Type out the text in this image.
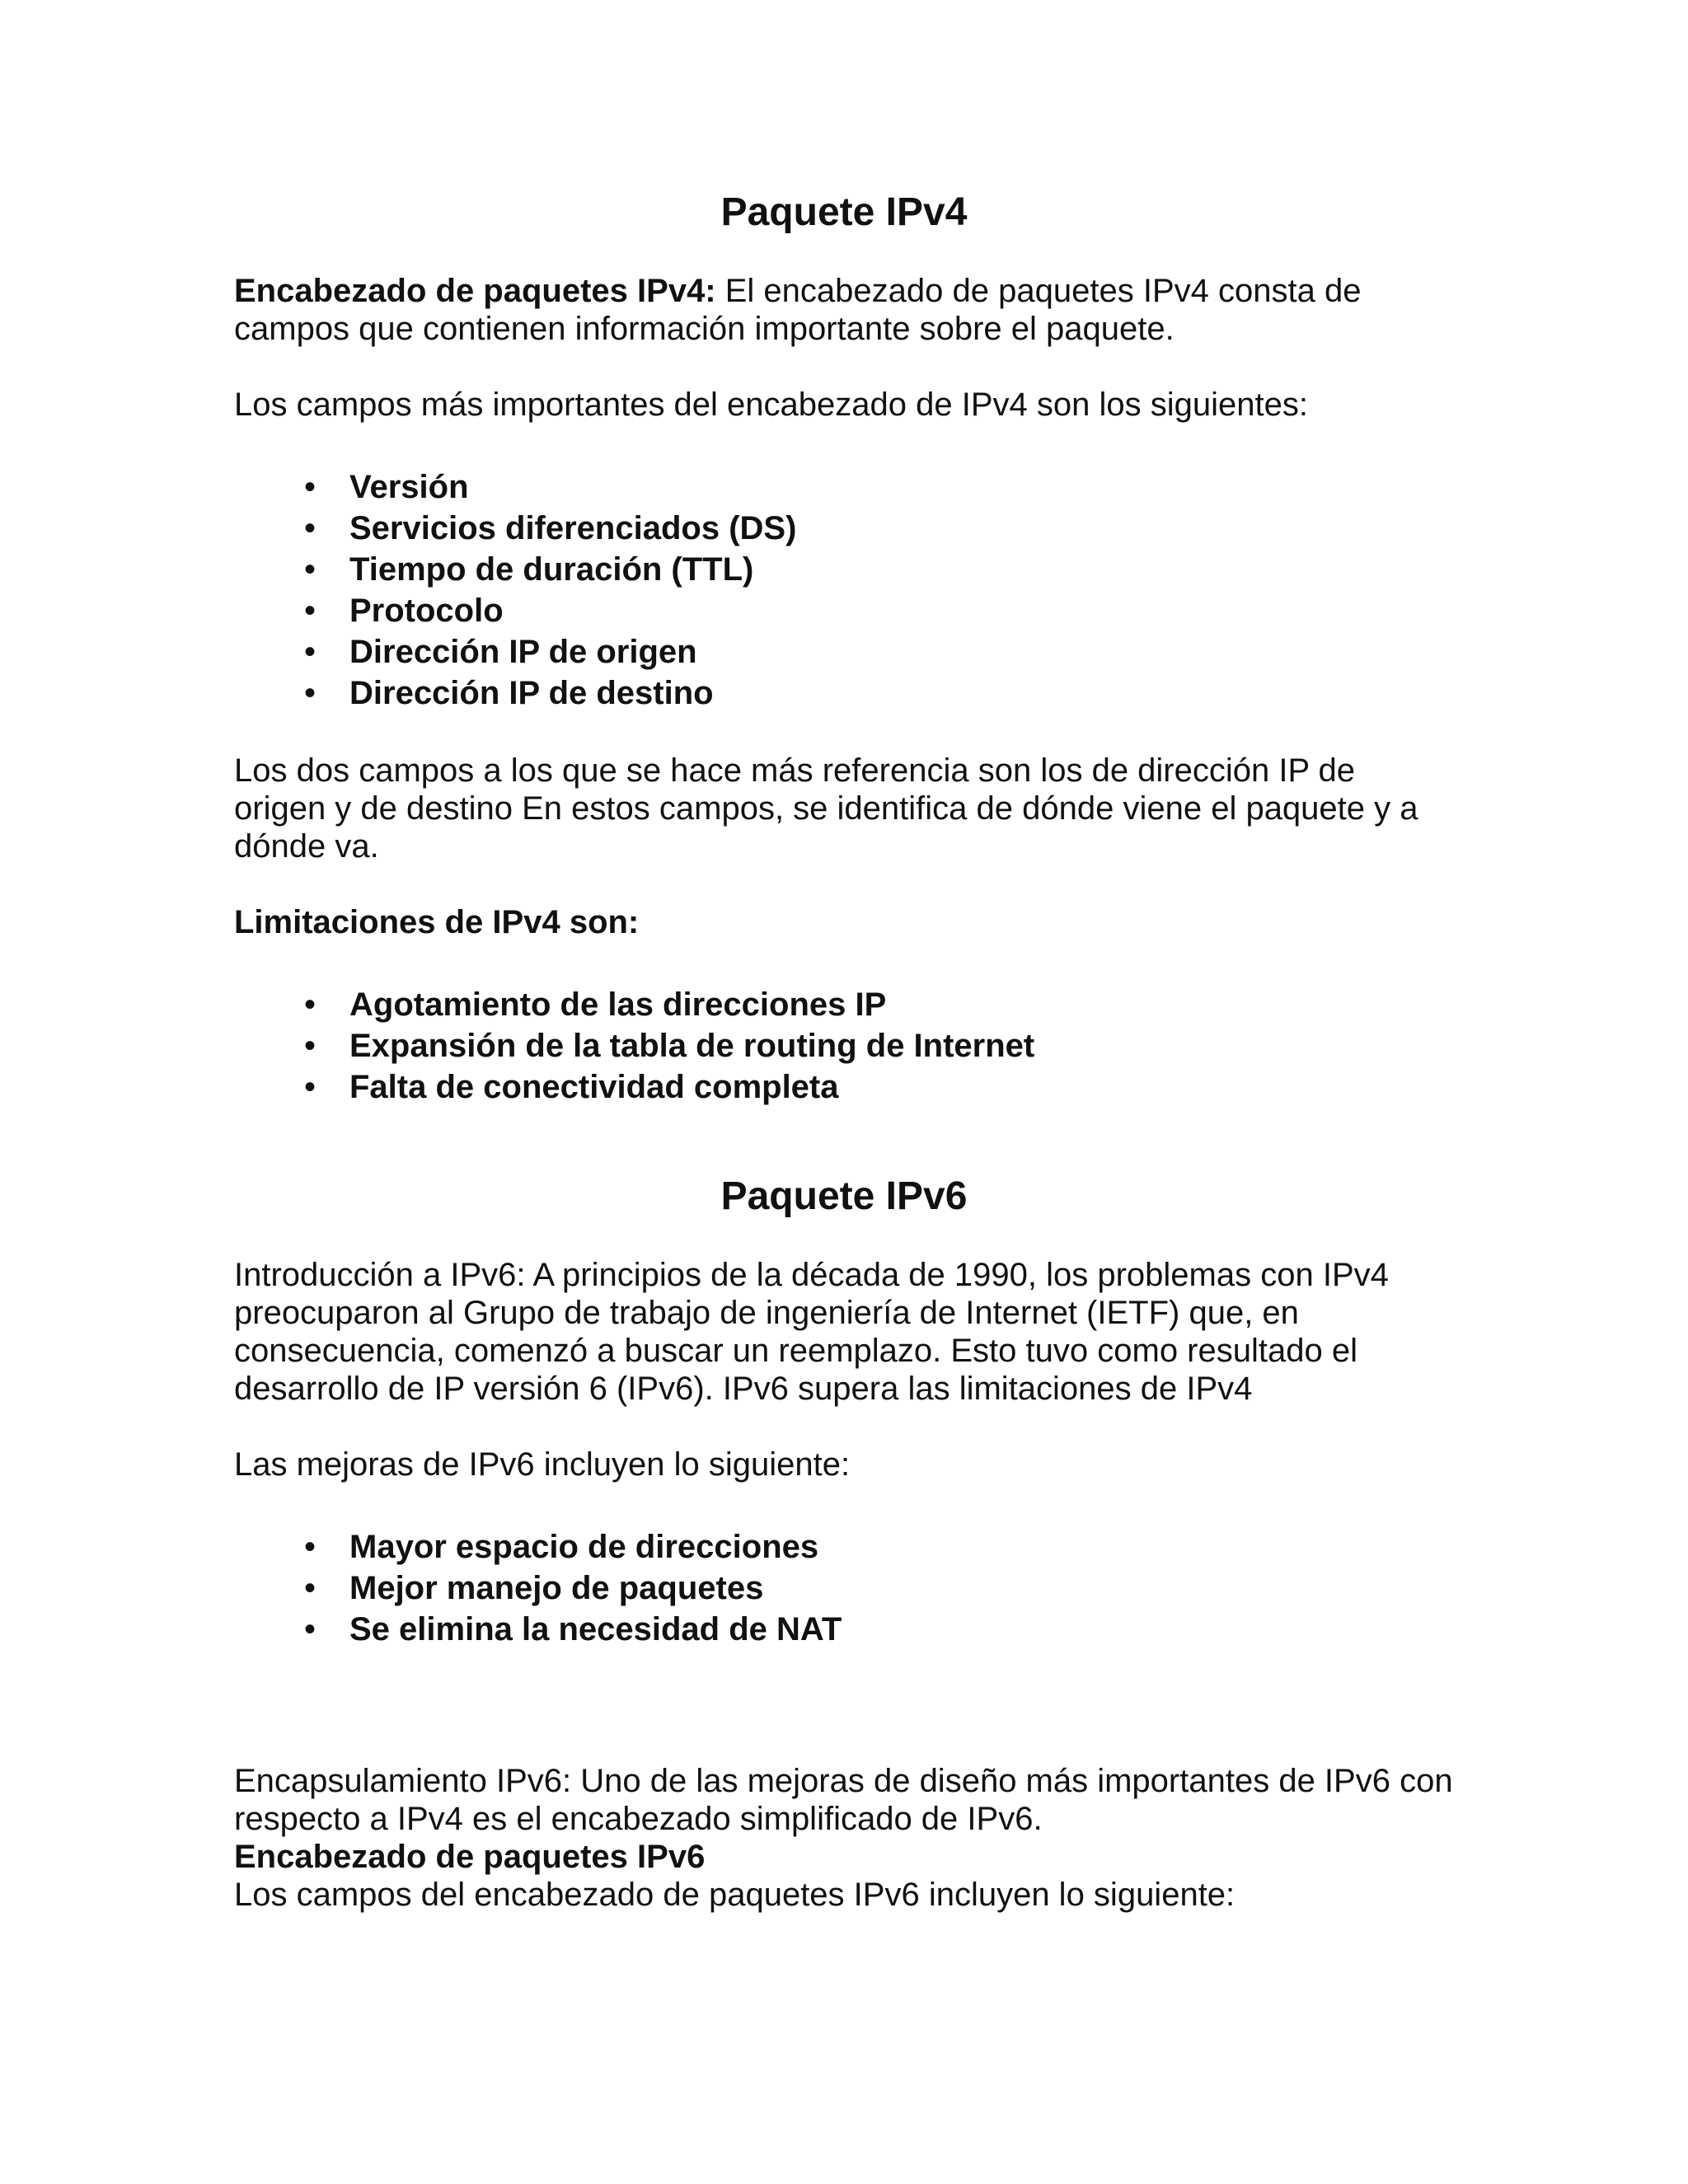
Paquete IPv4

Encabezado de paquetes IPv4: El encabezado de paquetes IPv4 consta de campos que contienen información importante sobre el paquete.

Los campos más importantes del encabezado de IPv4 son los siguientes:

• Versión
• Servicios diferenciados (DS)
• Tiempo de duración (TTL)
• Protocolo
• Dirección IP de origen
• Dirección IP de destino

Los dos campos a los que se hace más referencia son los de dirección IP de origen y de destino En estos campos, se identifica de dónde viene el paquete y a dónde va.

Limitaciones de IPv4 son:

• Agotamiento de las direcciones IP
• Expansión de la tabla de routing de Internet
• Falta de conectividad completa
Paquete IPv6

Introducción a IPv6: A principios de la década de 1990, los problemas con IPv4 preocuparon al Grupo de trabajo de ingeniería de Internet (IETF) que, en consecuencia, comenzó a buscar un reemplazo. Esto tuvo como resultado el desarrollo de IP versión 6 (IPv6). IPv6 supera las limitaciones de IPv4

Las mejoras de IPv6 incluyen lo siguiente:

• Mayor espacio de direcciones
• Mejor manejo de paquetes
• Se elimina la necesidad de NAT

Encapsulamiento IPv6: Uno de las mejoras de diseño más importantes de IPv6 con respecto a IPv4 es el encabezado simplificado de IPv6.

Encabezado de paquetes IPv6

Los campos del encabezado de paquetes IPv6 incluyen lo siguiente:
